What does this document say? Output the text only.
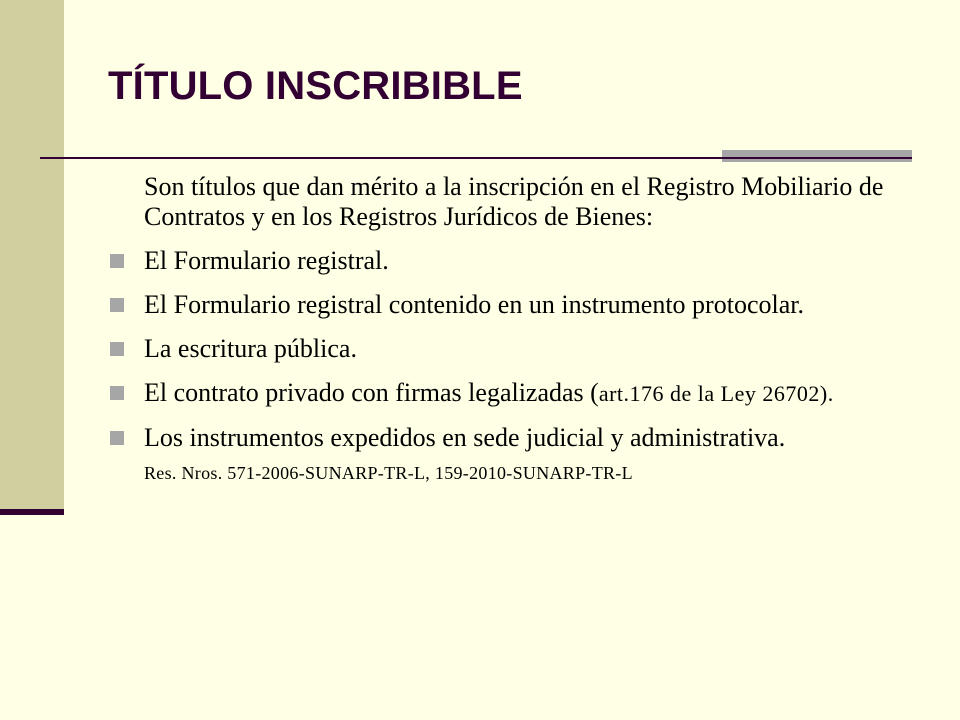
TÍTULO INSCRIBIBLE

Son títulos que dan mérito a la inscripción en el Registro Mobiliario de Contratos y en los Registros Jurídicos de Bienes:

El Formulario registral.
El Formulario registral contenido en un instrumento protocolar.
La escritura pública.
El contrato privado con firmas legalizadas (art.176 de la Ley 26702).
Los instrumentos expedidos en sede judicial y administrativa.

Res. Nros. 571-2006-SUNARP-TR-L, 159-2010-SUNARP-TR-L
